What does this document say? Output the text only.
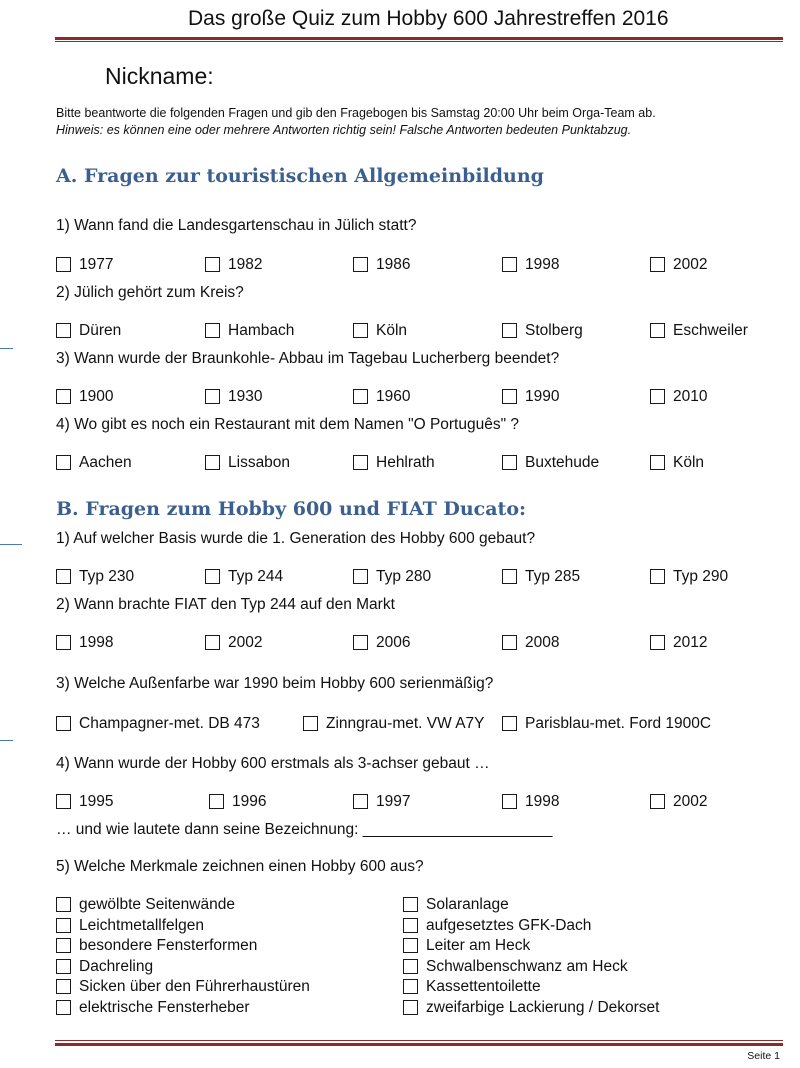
Das große Quiz zum Hobby 600 Jahrestreffen 2016
Nickname:
Bitte beantworte die folgenden Fragen und gib den Fragebogen bis Samstag 20:00 Uhr beim Orga-Team ab.
Hinweis: es können eine oder mehrere Antworten richtig sein! Falsche Antworten bedeuten Punktabzug.
A. Fragen zur touristischen Allgemeinbildung
1) Wann fand die Landesgartenschau in Jülich statt?
1977	1982	1986	1998	2002
2) Jülich gehört zum Kreis?
Düren	Hambach	Köln	Stolberg	Eschweiler
3) Wann wurde der Braunkohle- Abbau im Tagebau Lucherberg beendet?
1900	1930	1960	1990	2010
4) Wo gibt es noch ein Restaurant mit dem Namen "O Português" ?
Aachen	Lissabon	Hehlrath	Buxtehude	Köln
B. Fragen zum Hobby 600 und FIAT Ducato:
1) Auf welcher Basis wurde die 1. Generation des Hobby 600 gebaut?
Typ 230	Typ 244	Typ 280	Typ 285	Typ 290
2) Wann brachte FIAT den Typ 244 auf den Markt
1998	2002	2006	2008	2012
3) Welche Außenfarbe war 1990 beim Hobby 600 serienmäßig?
Champagner-met. DB 473	Zinngrau-met. VW A7Y	Parisblau-met. Ford 1900C
4) Wann wurde der Hobby 600 erstmals als 3-achser gebaut …
1995	1996	1997	1998	2002
… und wie lautete dann seine Bezeichnung: ______________________
5) Welche Merkmale zeichnen einen Hobby 600 aus?
gewölbte Seitenwände
Leichtmetallfelgen
besondere Fensterformen
Dachreling
Sicken über den Führerhaustüren
elektrische Fensterheber
Solaranlage
aufgesetztes GFK-Dach
Leiter am Heck
Schwalbenschwanz am Heck
Kassettentoilette
zweifarbige Lackierung / Dekorset
Seite 1
